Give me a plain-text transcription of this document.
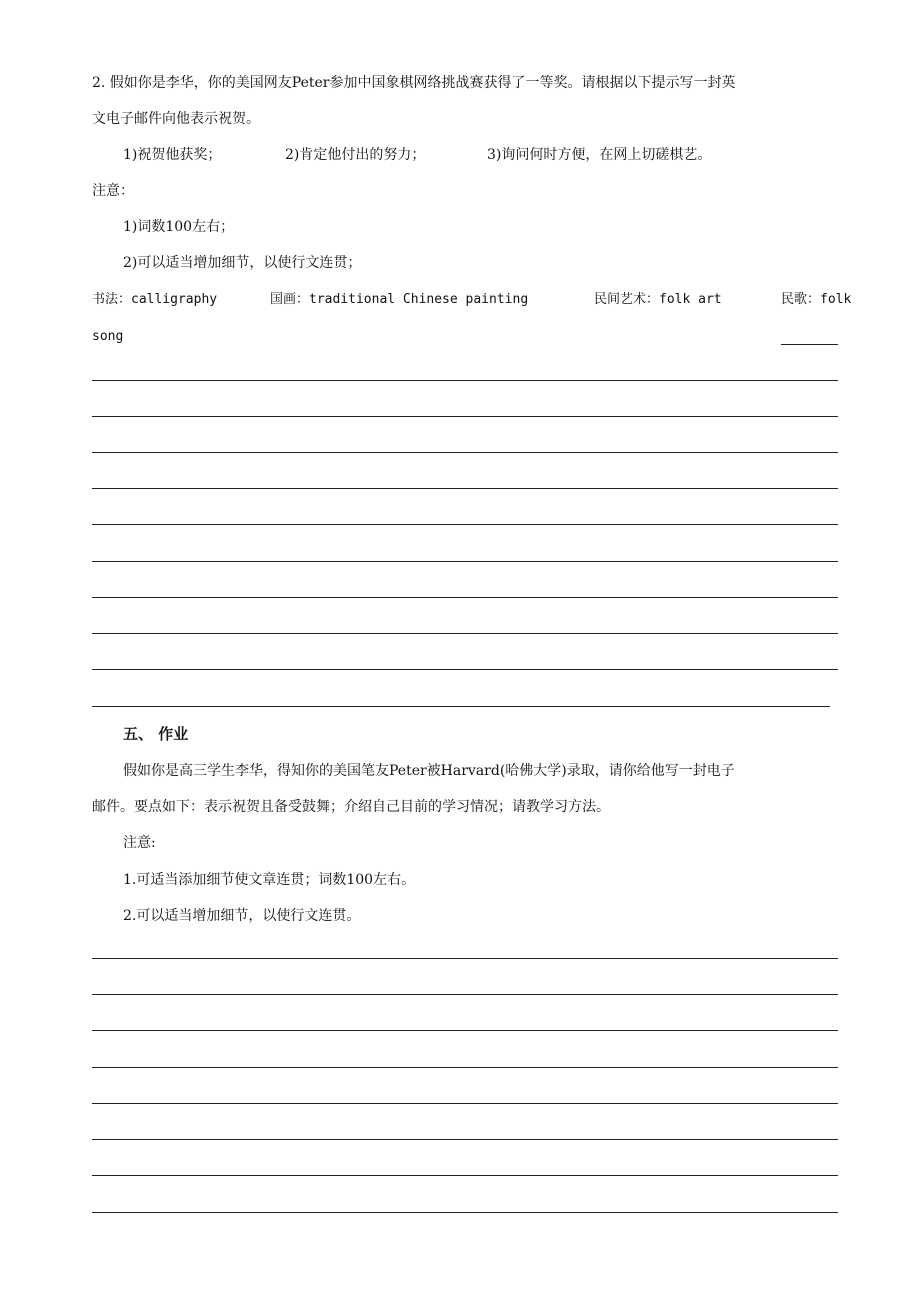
2. 假如你是李华，你的美国网友Peter参加中国象棋网络挑战赛获得了一等奖。请根据以下提示写一封英
文电子邮件向他表示祝贺。
1)祝贺他获奖；	2)肯定他付出的努力；	3)询问何时方便，在网上切磋棋艺。
注意：
1)词数100左右；
2)可以适当增加细节，以使行文连贯；
书法：calligraphy	国画：traditional Chinese painting	民间艺术：folk art	民歌：folk
song
五、 作业
假如你是高三学生李华，得知你的美国笔友Peter被Harvard(哈佛大学)录取，请你给他写一封电子
邮件。要点如下：表示祝贺且备受鼓舞；介绍自己目前的学习情况；请教学习方法。
注意:
1.可适当添加细节使文章连贯；词数100左右。
2.可以适当增加细节，以使行文连贯。
